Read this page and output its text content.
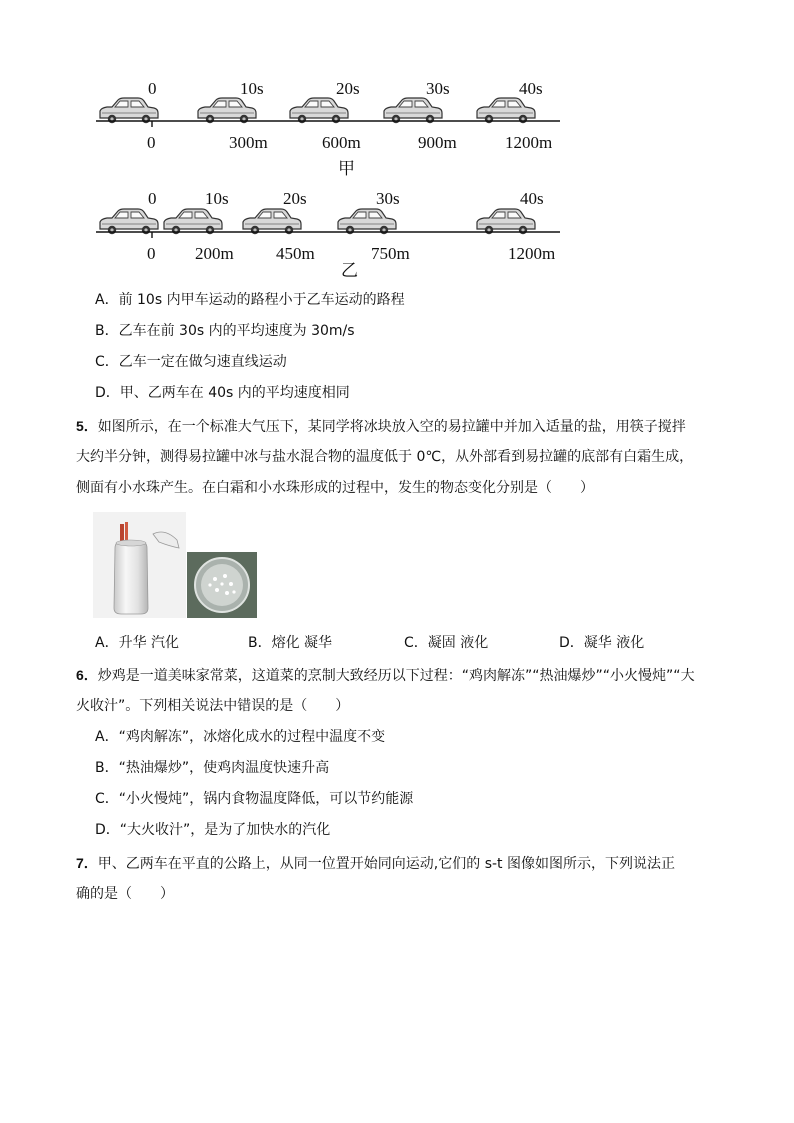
0	10s	20s	30s	40s
0	300m	600m	900m	1200m
甲
0	10s	20s	30s	40s
0 200m 450m	750m	1200m
乙
A．前 10s 内甲车运动的路程小于乙车运动的路程
B．乙车在前 30s 内的平均速度为 30m/s
C．乙车一定在做匀速直线运动
D．甲、乙两车在 40s 内的平均速度相同
5．如图所示，在一个标准大气压下，某同学将冰块放入空的易拉罐中并加入适量的盐，用筷子搅拌
大约半分钟，测得易拉罐中冰与盐水混合物的温度低于 0℃，从外部看到易拉罐的底部有白霜生成，
侧面有小水珠产生。在白霜和小水珠形成的过程中，发生的物态变化分别是（　　）
A．升华 汽化	B．熔化 凝华	C．凝固 液化	D．凝华 液化
6．炒鸡是一道美味家常菜，这道菜的烹制大致经历以下过程：“鸡肉解冻”“热油爆炒”“小火慢炖”“大
火收汁”。下列相关说法中错误的是（　　）
A．“鸡肉解冻”，冰熔化成水的过程中温度不变
B．“热油爆炒”，使鸡肉温度快速升高
C．“小火慢炖”，锅内食物温度降低，可以节约能源
D．“大火收汁”，是为了加快水的汽化
7．甲、乙两车在平直的公路上，从同一位置开始同向运动,它们的 s-t 图像如图所示，下列说法正
确的是（　　）
